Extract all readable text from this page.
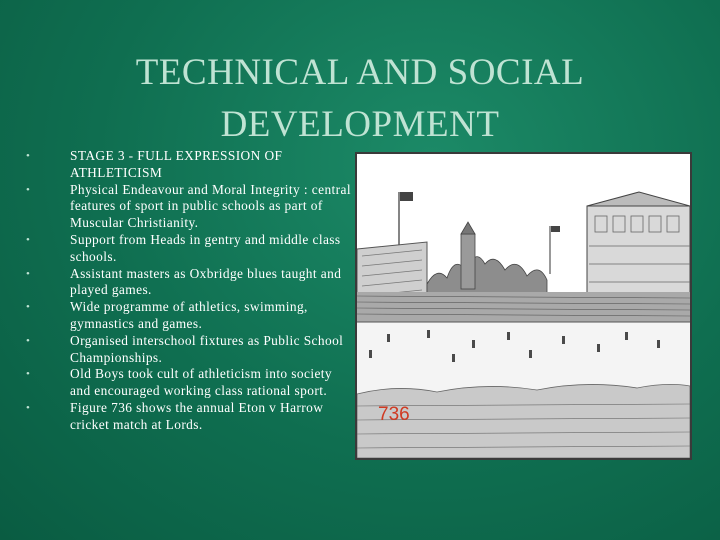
TECHNICAL AND SOCIAL
DEVELOPMENT
•	STAGE 3 - FULL EXPRESSION OF ATHLETICISM
•	Physical Endeavour and Moral Integrity : central features of sport in public schools as part of Muscular Christianity.
•	Support from Heads in gentry and middle class schools.
•	Assistant masters as Oxbridge blues taught and played games.
•	Wide programme of athletics, swimming, gymnastics and games.
•	Organised interschool fixtures as Public School Championships.
•	Old Boys took cult of athleticism into society and encouraged working class rational sport.
•	Figure 736 shows the annual Eton v Harrow cricket match at Lords.	736
